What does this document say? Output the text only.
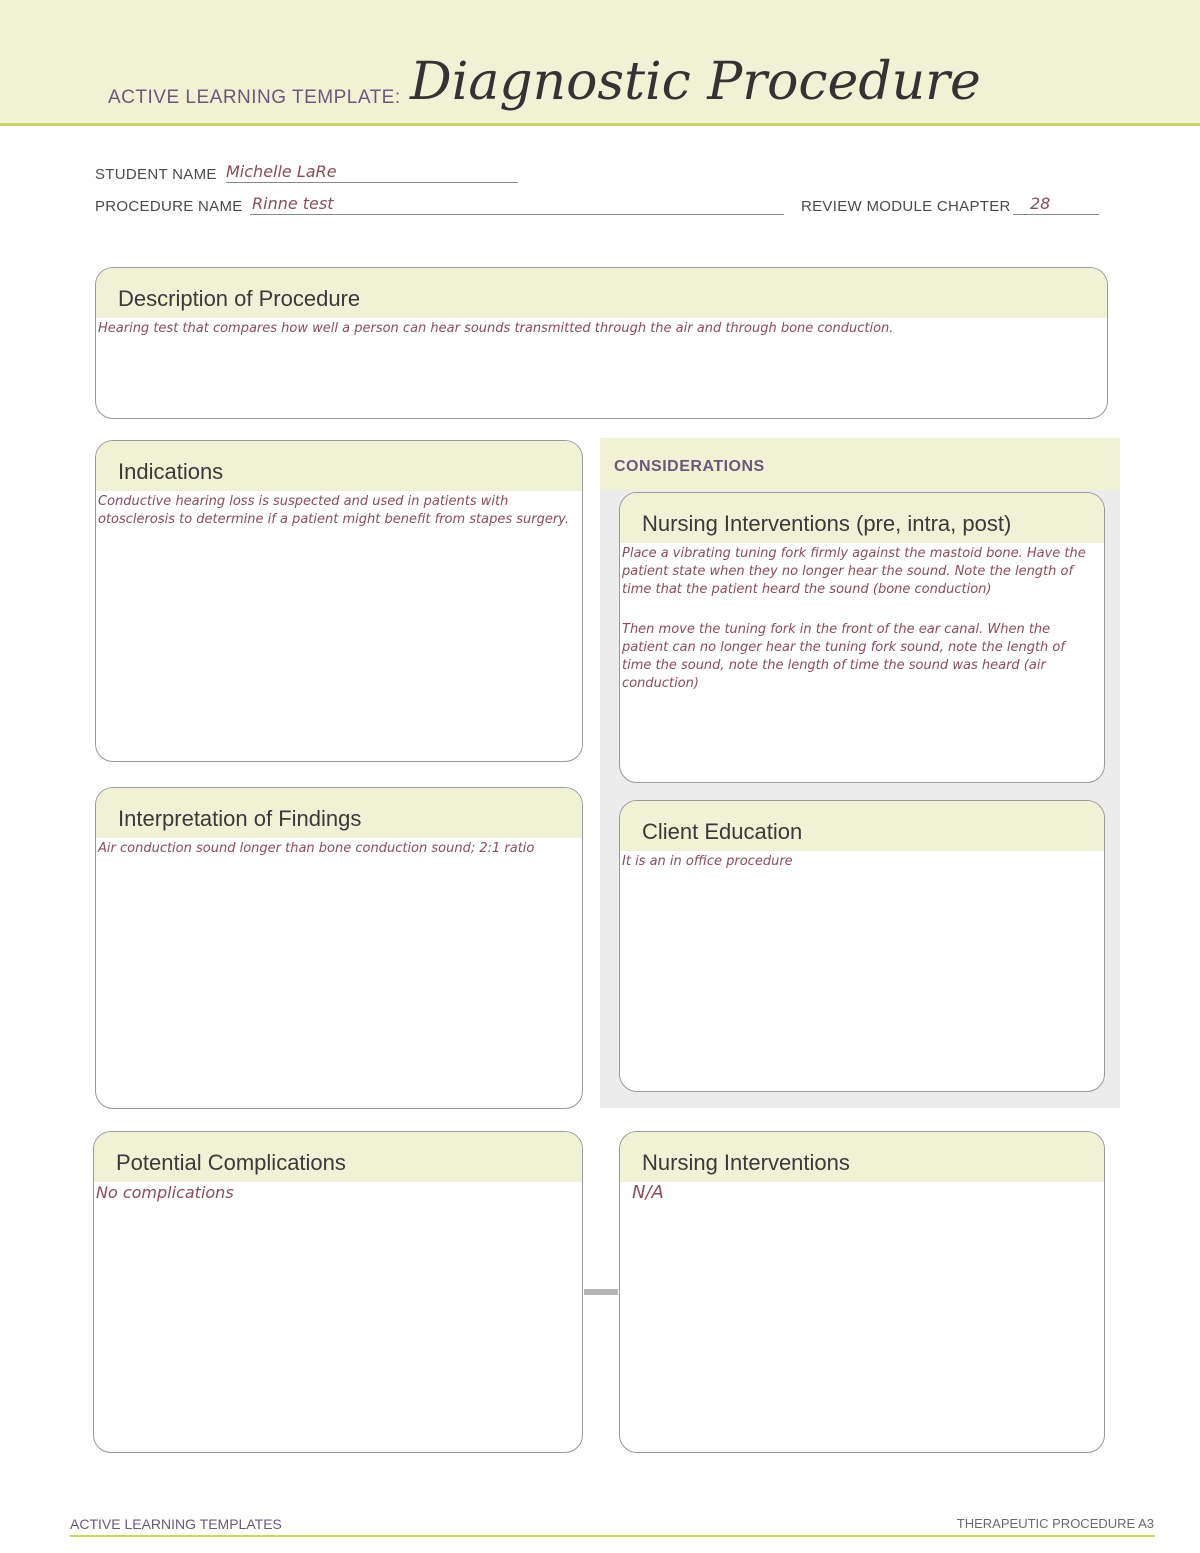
ACTIVE LEARNING TEMPLATE: Diagnostic Procedure
STUDENT NAME Michelle LaRe
PROCEDURE NAME Rinne test	REVIEW MODULE CHAPTER 28
Description of Procedure
Hearing test that compares how well a person can hear sounds transmitted through the air and through bone conduction.
Indications
Conductive hearing loss is suspected and used in patients with otosclerosis to determine if a patient might benefit from stapes surgery.
CONSIDERATIONS
Nursing Interventions (pre, intra, post)
Place a vibrating tuning fork firmly against the mastoid bone. Have the patient state when they no longer hear the sound. Note the length of time that the patient heard the sound (bone conduction)
Then move the tuning fork in the front of the ear canal. When the patient can no longer hear the tuning fork sound, note the length of time the sound, note the length of time the sound was heard (air conduction)
Client Education
It is an in office procedure
Interpretation of Findings
Air conduction sound longer than bone conduction sound; 2:1 ratio
Potential Complications
No complications
Nursing Interventions
N/A
ACTIVE LEARNING TEMPLATES	THERAPEUTIC PROCEDURE A3
